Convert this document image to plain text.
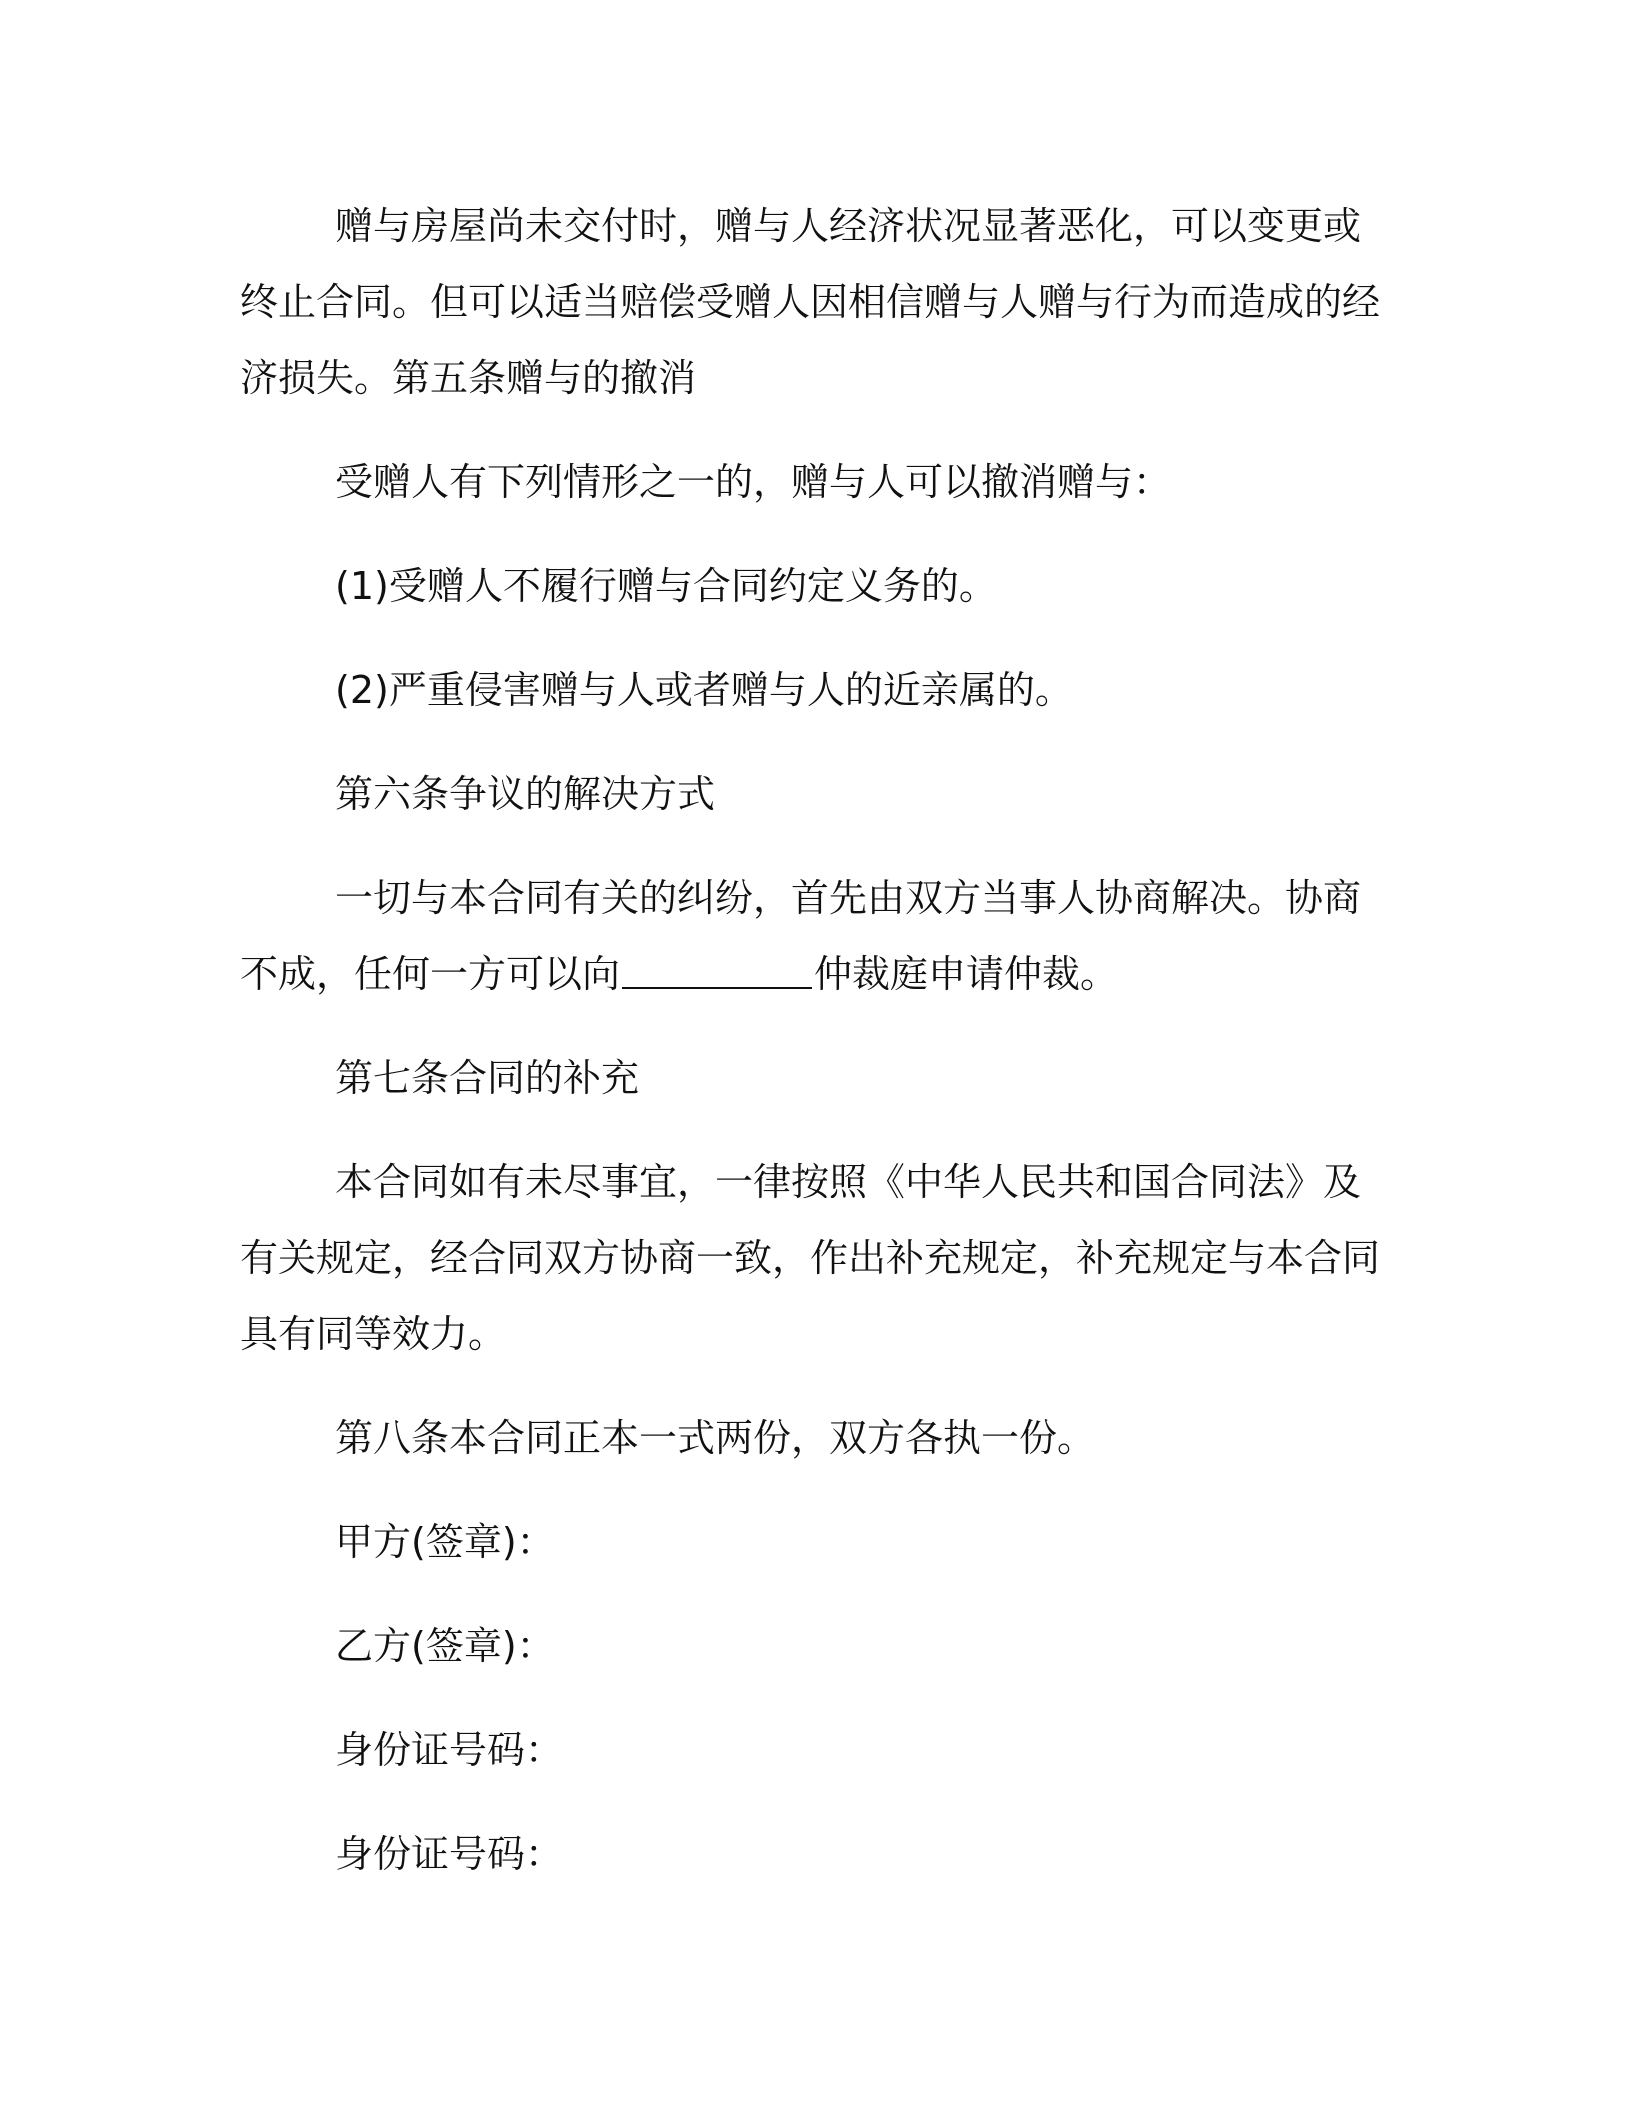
赠与房屋尚未交付时，赠与人经济状况显著恶化，可以变更或终止合同。但可以适当赔偿受赠人因相信赠与人赠与行为而造成的经济损失。第五条赠与的撤消

受赠人有下列情形之一的，赠与人可以撤消赠与：

(1)受赠人不履行赠与合同约定义务的。

(2)严重侵害赠与人或者赠与人的近亲属的。

第六条争议的解决方式

一切与本合同有关的纠纷，首先由双方当事人协商解决。协商不成，任何一方可以向	仲裁庭申请仲裁。

第七条合同的补充

本合同如有未尽事宜，一律按照《中华人民共和国合同法》及有关规定，经合同双方协商一致，作出补充规定，补充规定与本合同具有同等效力。

第八条本合同正本一式两份，双方各执一份。

甲方(签章)：

乙方(签章)：

身份证号码：

身份证号码：
